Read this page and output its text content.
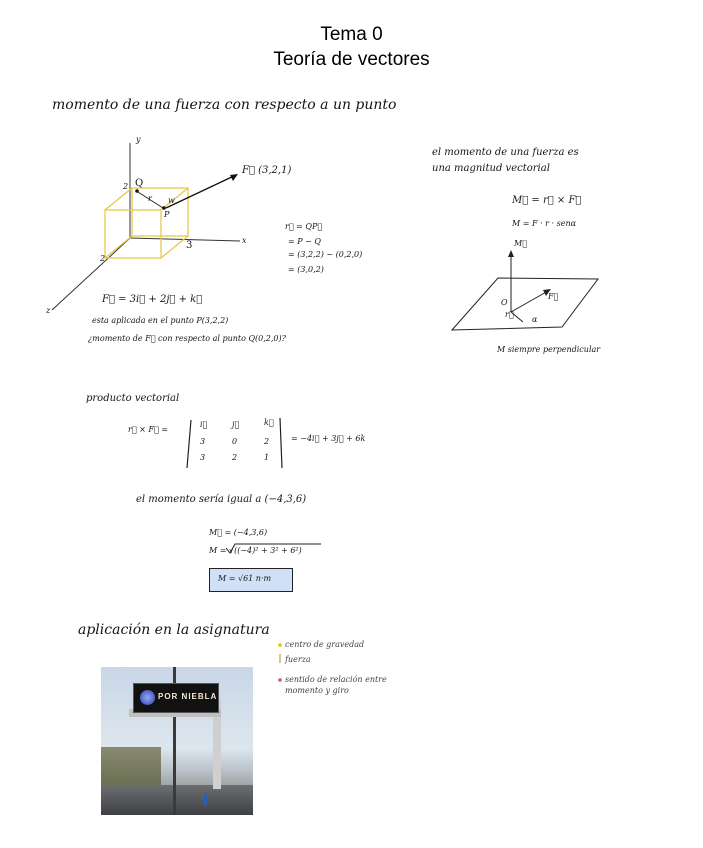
Tema 0
Teoría de vectores
momento de una fuerza con respecto a un punto
y
x
z
Q
2
P
r w
3
2
F⃗ (3,2,1)
r⃗ = QP⃗
= P − Q
= (3,2,2) − (0,2,0)
= (3,0,2)
F⃗ = 3i⃗ + 2j⃗ + k⃗
esta aplicada en el punto P(3,2,2)
¿momento de F⃗ con respecto al punto Q(0,2,0)?
el momento de una fuerza es
una magnitud vectorial
M⃗ = r⃗ × F⃗
M = F · r · senα
M⃗
O
F⃗
r⃗
α
M siempre perpendicular
producto vectorial
r⃗ × F⃗ =
i⃗	j⃗	k⃗
3	0	2
3	2	1
= −4i⃗ + 3j⃗ + 6k
el momento sería igual a (−4,3,6)
M⃗ = (−4,3,6)
M = √((−4)² + 3² + 6²)
M = √61 n·m
aplicación en la asignatura
centro de gravedad
fuerza
sentido de relación entre momento y giro
POR NIEBLA
